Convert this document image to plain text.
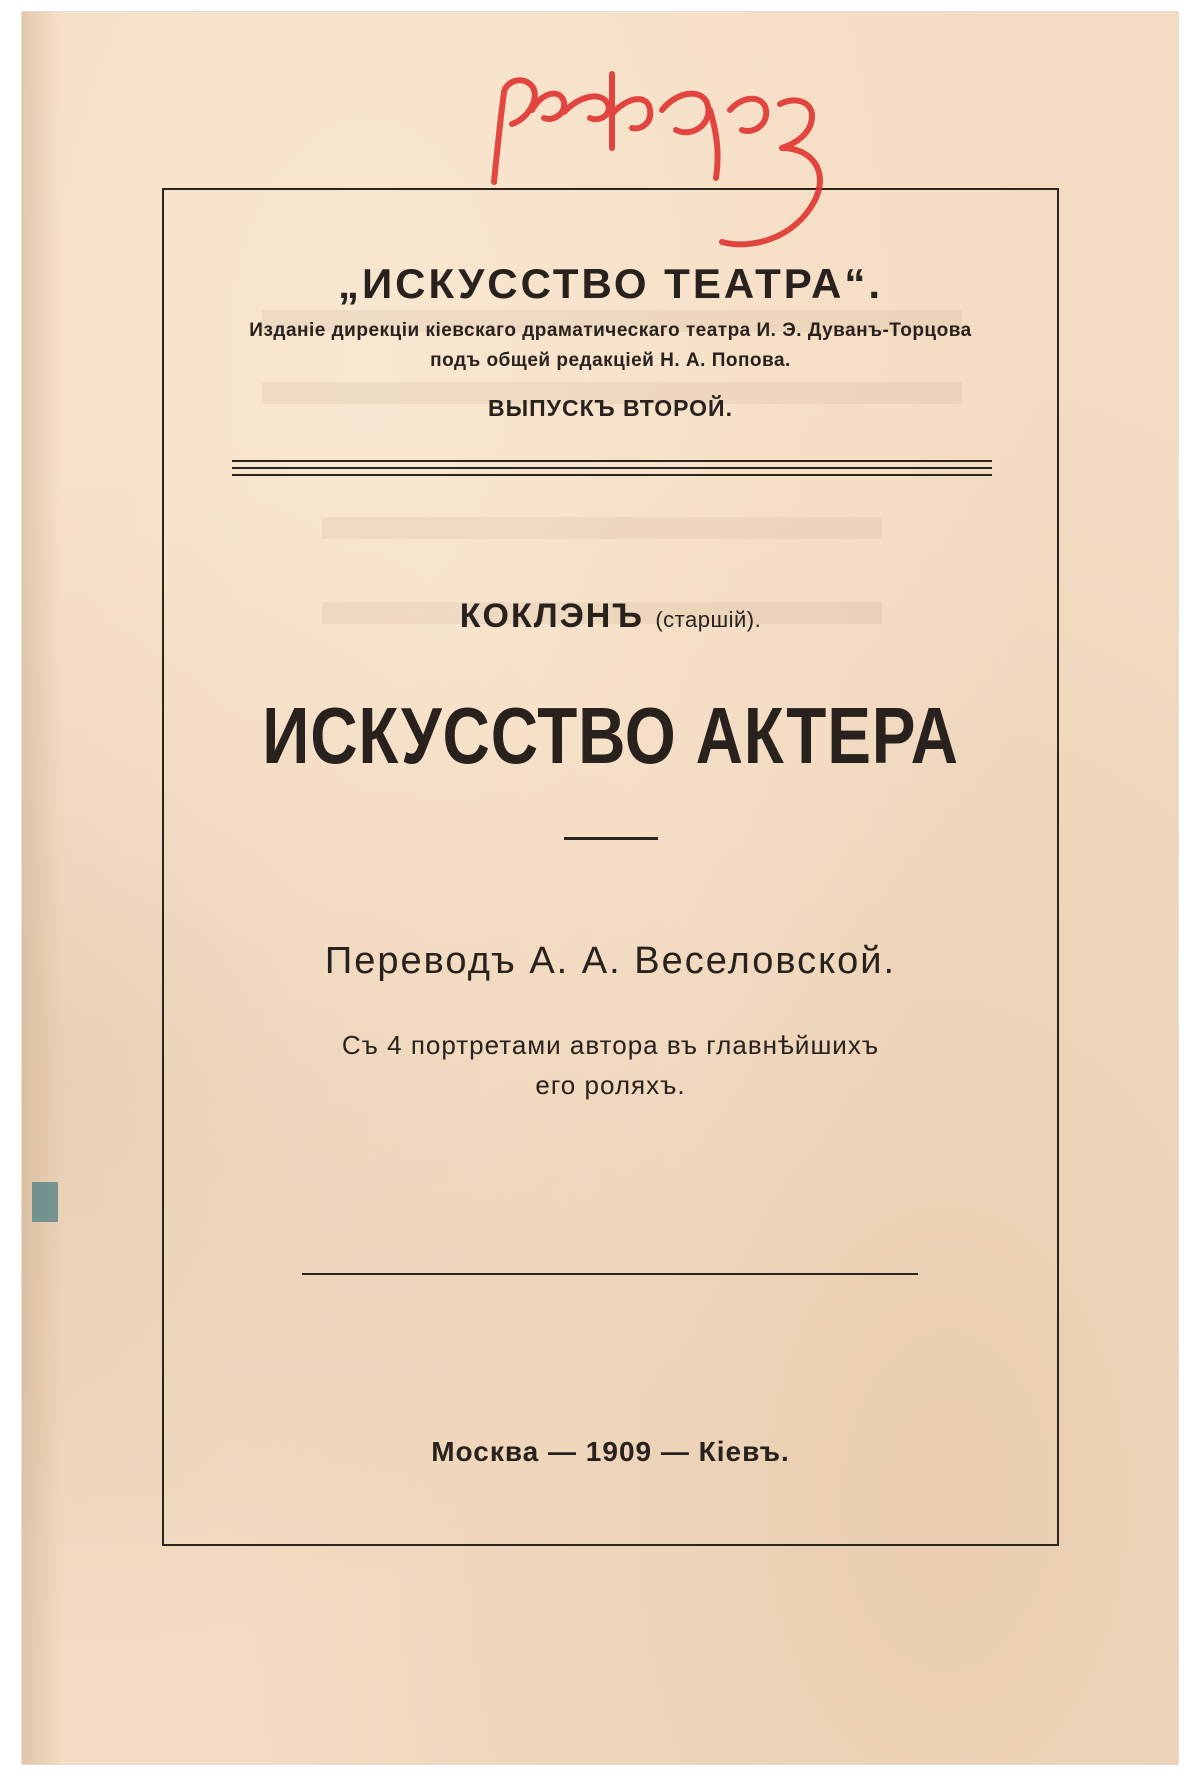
„ИСКУССТВО ТЕАТРА“.
Изданіе дирекціи кіевскаго драматическаго театра И. Э. Дуванъ-Торцова
подъ общей редакціей Н. А. Попова.
ВЫПУСКЪ ВТОРОЙ.
КОКЛЭНЪ (старшій).
ИСКУССТВО АКТЕРА
Переводъ А. А. Веселовской.
Съ 4 портретами автора въ главнѣйшихъ
его роляхъ.
Москва — 1909 — Кіевъ.
